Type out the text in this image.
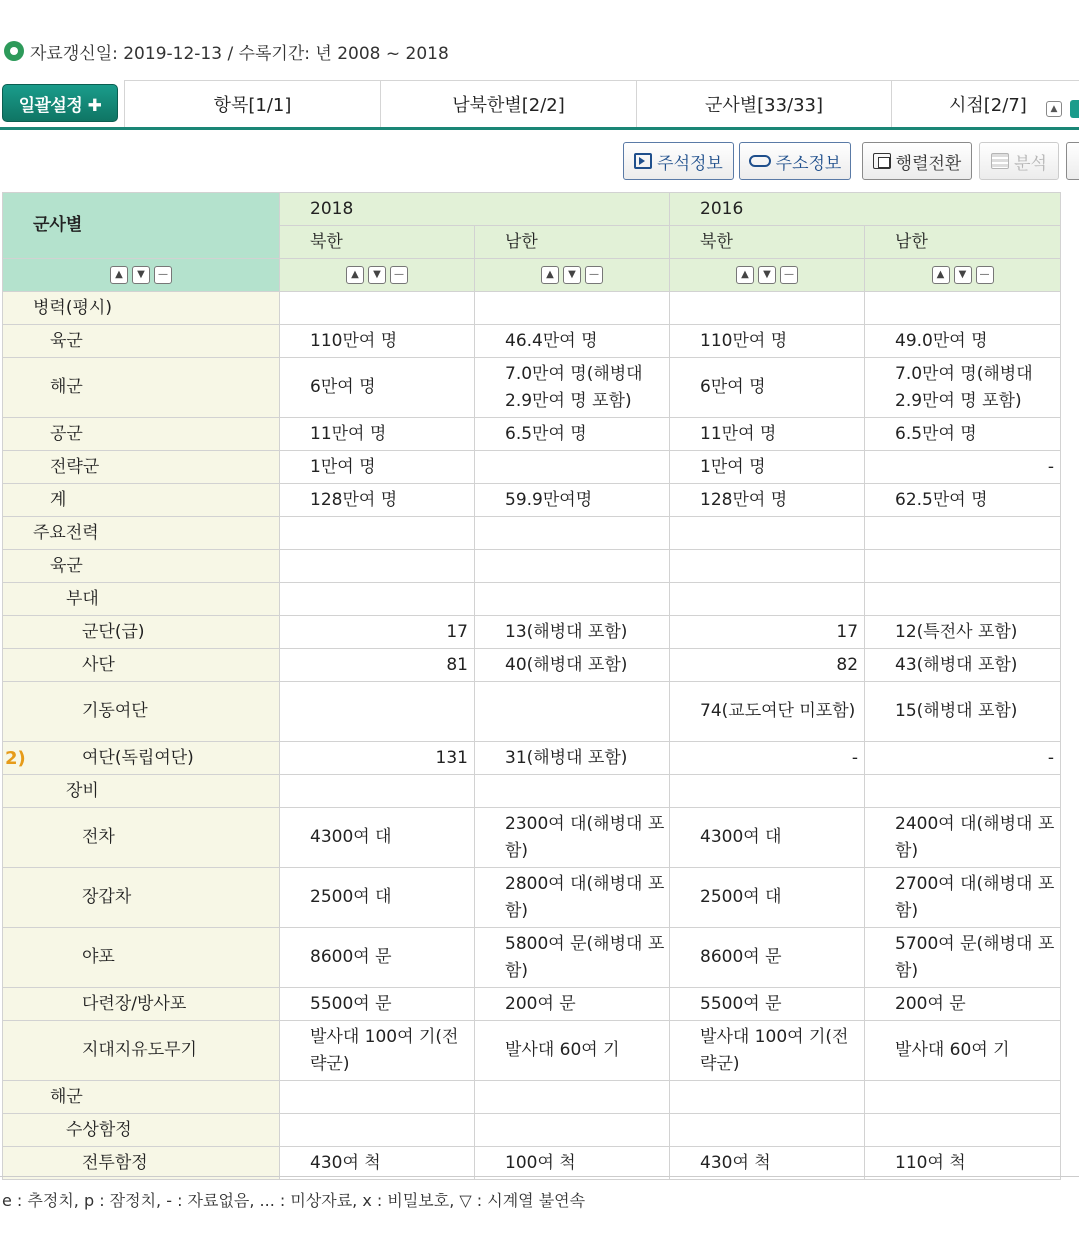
자료갱신일: 2019-12-13 / 수록기간: 년 2008 ~ 2018
일괄설정 ✚	항목[1/1]	남북한별[2/2]	군사별[33/33]	시점[2/7]	▲
주석정보	주소정보	행렬전환	분석
군사별	2018		2016	
	북한	남한	북한	남한

▲ ▼ —	▲ ▼ —	▲ ▼ —	▲ ▼ —	▲ ▼ —

병력(평시)				
육군	110만여 명	46.4만여 명	110만여 명	49.0만여 명
해군	6만여 명	7.0만여 명(해병대 2.9만여 명 포함)	6만여 명	7.0만여 명(해병대 2.9만여 명 포함)
공군	11만여 명	6.5만여 명	11만여 명	6.5만여 명
전략군	1만여 명		1만여 명	-
계	128만여 명	59.9만여명	128만여 명	62.5만여 명
주요전력				
육군				
부대				
군단(급)	17	13(해병대 포함)	17	12(특전사 포함)
사단	81	40(해병대 포함)	82	43(해병대 포함)
기동여단			74(교도여단 미포함)	15(해병대 포함)

2) 여단(독립여단)	131	31(해병대 포함)	-	-
장비				
전차	4300여 대	2300여 대(해병대 포함)	4300여 대	2400여 대(해병대 포함)
장갑차	2500여 대	2800여 대(해병대 포함)	2500여 대	2700여 대(해병대 포함)
야포	8600여 문	5800여 문(해병대 포함)	8600여 문	5700여 문(해병대 포함)
다련장/방사포	5500여 문	200여 문	5500여 문	200여 문
지대지유도무기	발사대 100여 기(전략군)	발사대 60여 기	발사대 100여 기(전략군)	발사대 60여 기
해군				
수상함정				
전투함정	430여 척	100여 척	430여 척	110여 척
e : 추정치, p : 잠정치, - : 자료없음, ... : 미상자료, x : 비밀보호, ▽ : 시계열 불연속
